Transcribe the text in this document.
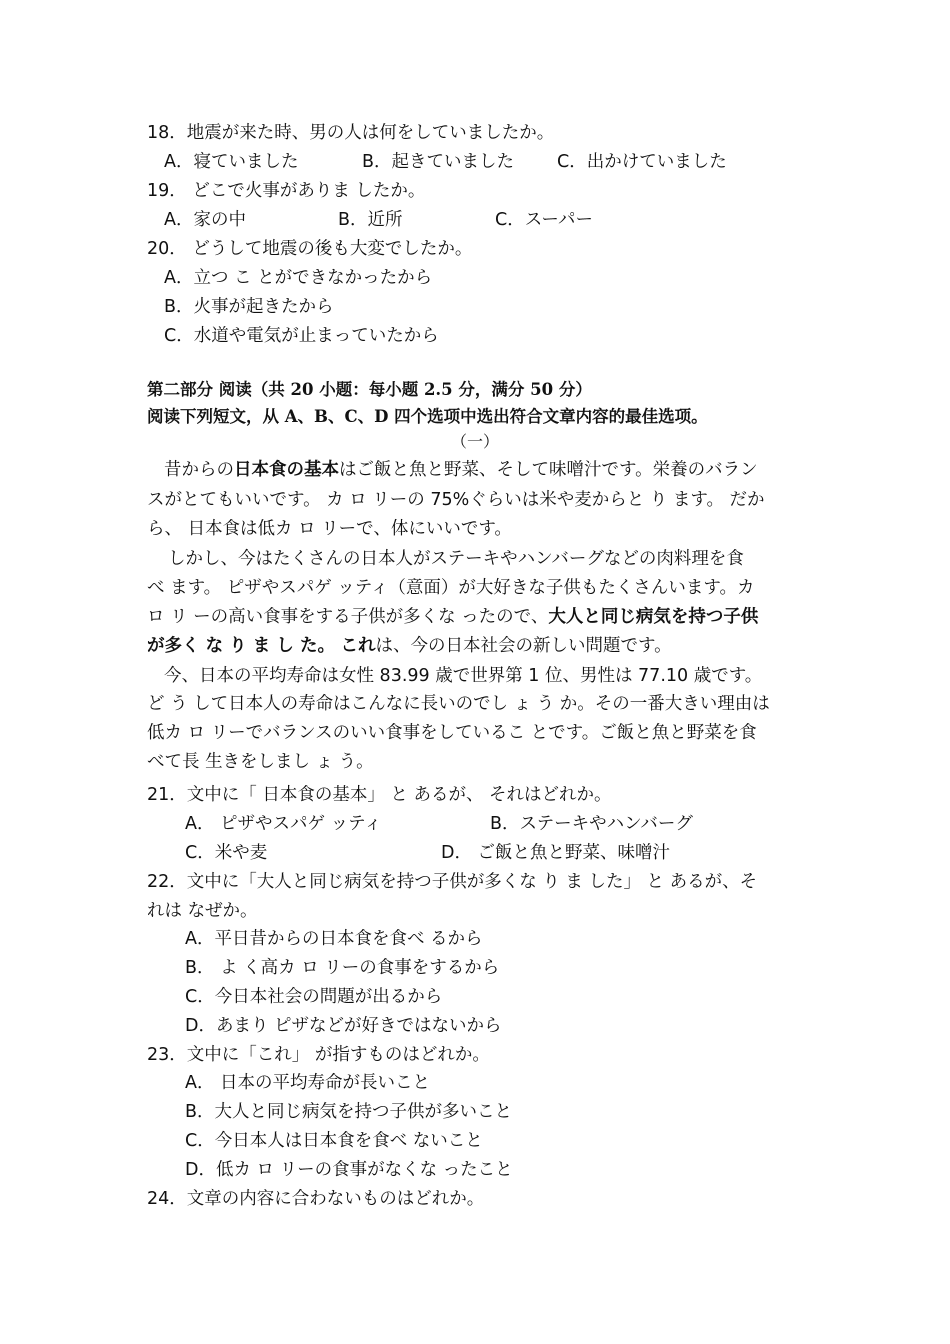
18．地震が来た時、男の人は何をしていましたか。
A．寝ていました	B．起きていました C．出かけていました
19． どこで火事がありま したか。
A．家の中	B．近所	C．スーパー
20． どうして地震の後も大変でしたか。
A．立つ こ とができなかったから
B．火事が起きたから
C．水道や電気が止まっていたから
第二部分 阅读（共 20 小题：每小题 2.5 分，满分 50 分）
阅读下列短文，从 A、B、C、D 四个选项中选出符合文章内容的最佳选项。
（一）
昔からの日本食の基本はご飯と魚と野菜、そして味噌汁です。栄養のバラン
スがとてもいいです。 カ ロ リーの 75%ぐらいは米や麦からと り ます。 だか
ら、 日本食は低カ ロ リーで、体にいいです。
しかし、今はたくさんの日本人がステーキやハンバーグなどの肉料理を食
べ ます。 ピザやスパゲ ッティ（意面）が大好きな子供もたくさんいます。カ
ロ リ ーの高い食事をする子供が多くな ったので、大人と同じ病気を持つ子供
が多く な り ま し た。 これは、今の日本社会の新しい問題です。
今、日本の平均寿命は女性 83.99 歳で世界第 1 位、男性は 77.10 歳です。
ど う して日本人の寿命はこんなに長いのでし ょ う か。その一番大きい理由は
低カ ロ リーでバランスのいい食事をしているこ とです。ご飯と魚と野菜を食
べて長 生きをしまし ょ う。
21．文中に「 日本食の基本」 と あるが、 それはどれか。
A． ピザやスパゲ ッティ	B．ステーキやハンバーグ
C．米や麦	D． ご飯と魚と野菜、味噌汁
22．文中に「大人と同じ病気を持つ子供が多くな り ま した」 と あるが、そ
れは なぜか。
A．平日昔からの日本食を食べ るから
B． よ く高カ ロ リーの食事をするから
C．今日本社会の問題が出るから
D．あまり ピザなどが好きではないから
23．文中に「これ」 が指すものはどれか。
A． 日本の平均寿命が長いこと
B．大人と同じ病気を持つ子供が多いこと
C．今日本人は日本食を食べ ないこと
D．低カ ロ リーの食事がなくな ったこと
24．文章の内容に合わないものはどれか。
